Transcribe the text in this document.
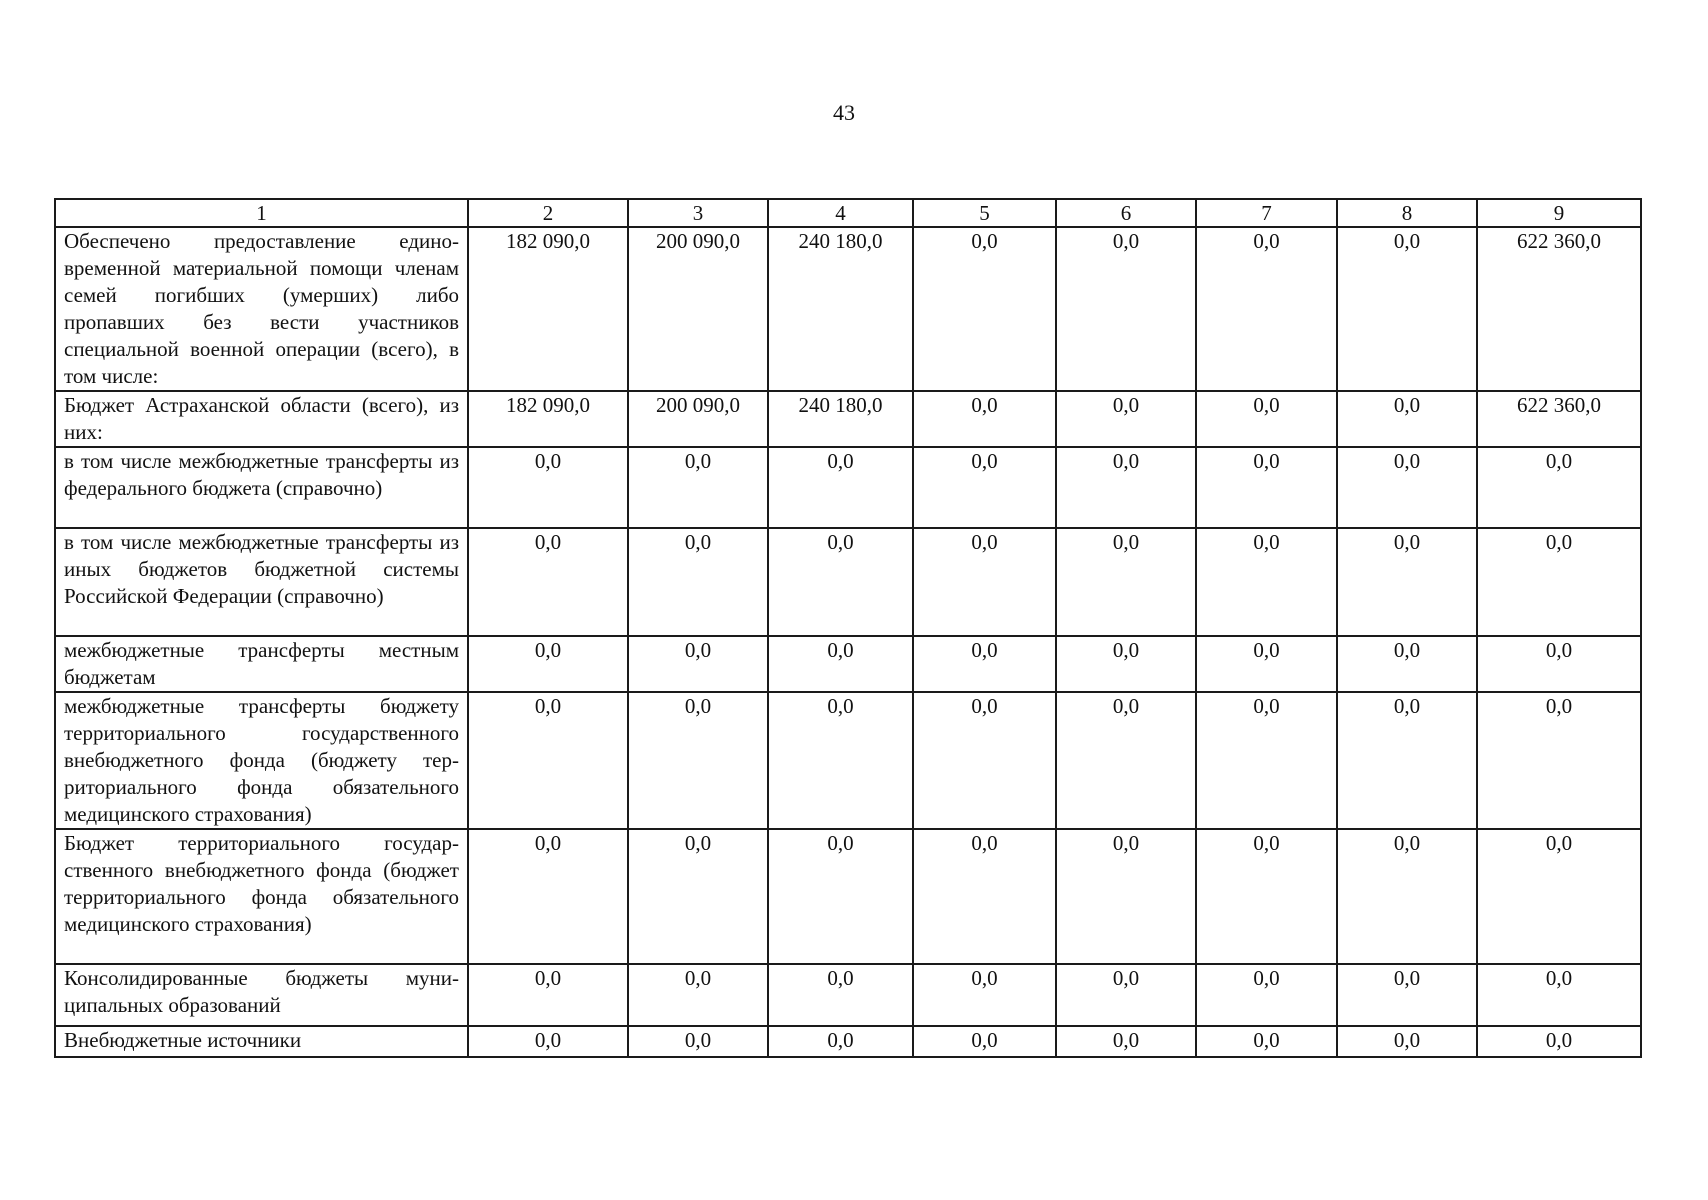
43
1	2	3	4	5	6	7	8	9
Обеспечено предоставление единовременной материальной помощи членам семей погибших (умерших) либо пропавших без вести участников специальной военной операции (всего), в том числе:	182 090,0	200 090,0	240 180,0	0,0	0,0	0,0	0,0	622 360,0
Бюджет Астраханской области (всего), из них:	182 090,0	200 090,0	240 180,0	0,0	0,0	0,0	0,0	622 360,0
в том числе межбюджетные трансферты из федерального бюджета (справочно)	0,0	0,0	0,0	0,0	0,0	0,0	0,0	0,0
в том числе межбюджетные трансферты из иных бюджетов бюджетной системы Российской Федерации (справочно)	0,0	0,0	0,0	0,0	0,0	0,0	0,0	0,0
межбюджетные трансферты местным бюджетам	0,0	0,0	0,0	0,0	0,0	0,0	0,0	0,0
межбюджетные трансферты бюджету территориального государственного внебюджетного фонда (бюджету территориального фонда обязательного медицинского страхования)	0,0	0,0	0,0	0,0	0,0	0,0	0,0	0,0
Бюджет территориального государственного внебюджетного фонда (бюджет территориального фонда обязательного медицинского страхования)	0,0	0,0	0,0	0,0	0,0	0,0	0,0	0,0
Консолидированные бюджеты муниципальных образований	0,0	0,0	0,0	0,0	0,0	0,0	0,0	0,0
Внебюджетные источники	0,0	0,0	0,0	0,0	0,0	0,0	0,0	0,0
